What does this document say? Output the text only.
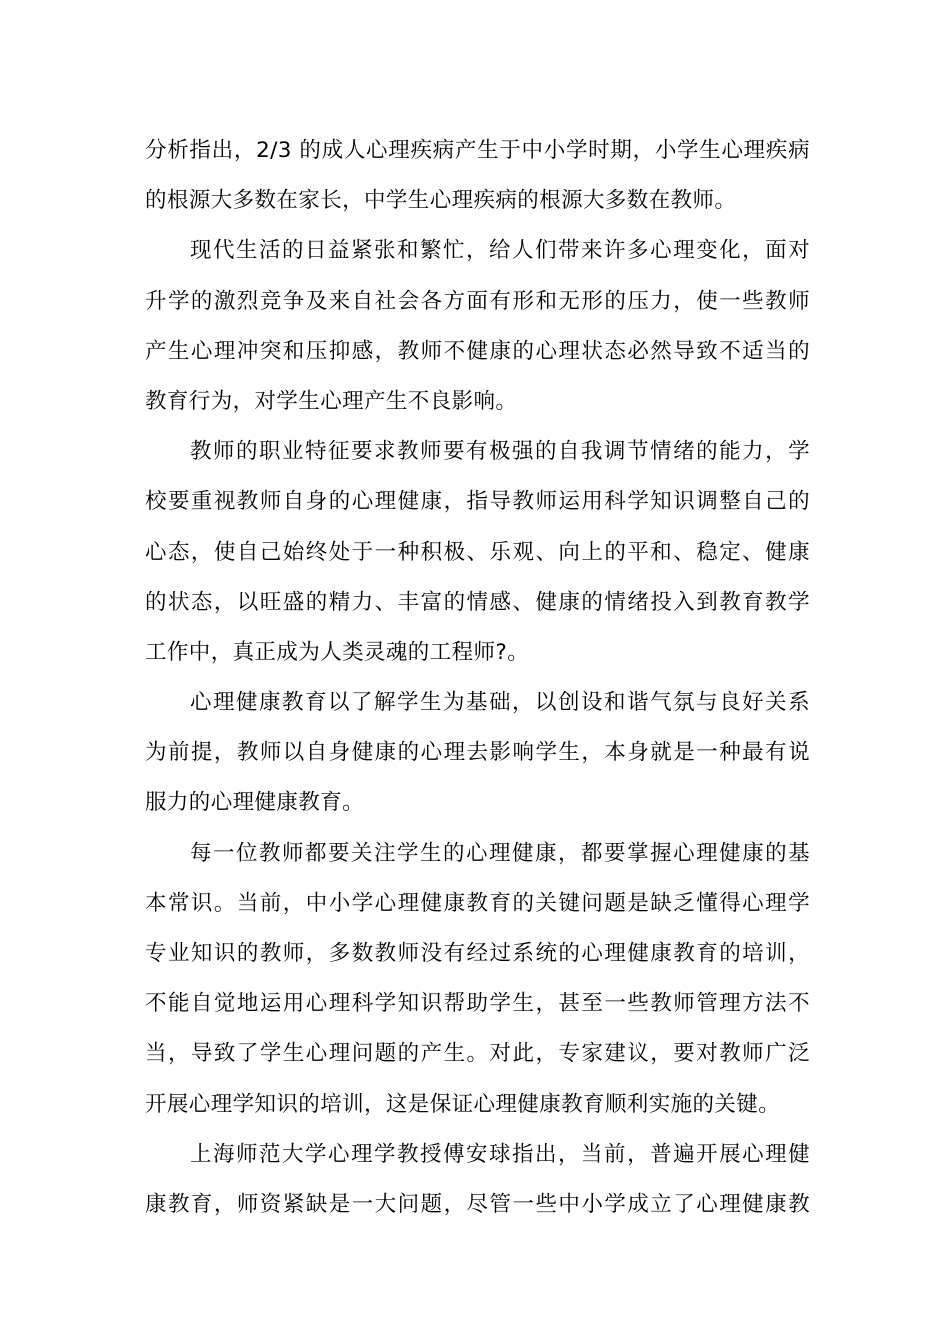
分析指出，2/3 的成人心理疾病产生于中小学时期，小学生心理疾病
的根源大多数在家长，中学生心理疾病的根源大多数在教师。
现代生活的日益紧张和繁忙，给人们带来许多心理变化，面对
升学的激烈竞争及来自社会各方面有形和无形的压力，使一些教师
产生心理冲突和压抑感，教师不健康的心理状态必然导致不适当的
教育行为，对学生心理产生不良影响。
教师的职业特征要求教师要有极强的自我调节情绪的能力，学
校要重视教师自身的心理健康，指导教师运用科学知识调整自己的
心态，使自己始终处于一种积极、乐观、向上的平和、稳定、健康
的状态，以旺盛的精力、丰富的情感、健康的情绪投入到教育教学
工作中，真正成为人类灵魂的工程师?。
心理健康教育以了解学生为基础，以创设和谐气氛与良好关系
为前提，教师以自身健康的心理去影响学生，本身就是一种最有说
服力的心理健康教育。
每一位教师都要关注学生的心理健康，都要掌握心理健康的基
本常识。当前，中小学心理健康教育的关键问题是缺乏懂得心理学
专业知识的教师，多数教师没有经过系统的心理健康教育的培训，
不能自觉地运用心理科学知识帮助学生，甚至一些教师管理方法不
当，导致了学生心理问题的产生。对此，专家建议，要对教师广泛
开展心理学知识的培训，这是保证心理健康教育顺利实施的关键。
上海师范大学心理学教授傅安球指出，当前，普遍开展心理健
康教育，师资紧缺是一大问题，尽管一些中小学成立了心理健康教
